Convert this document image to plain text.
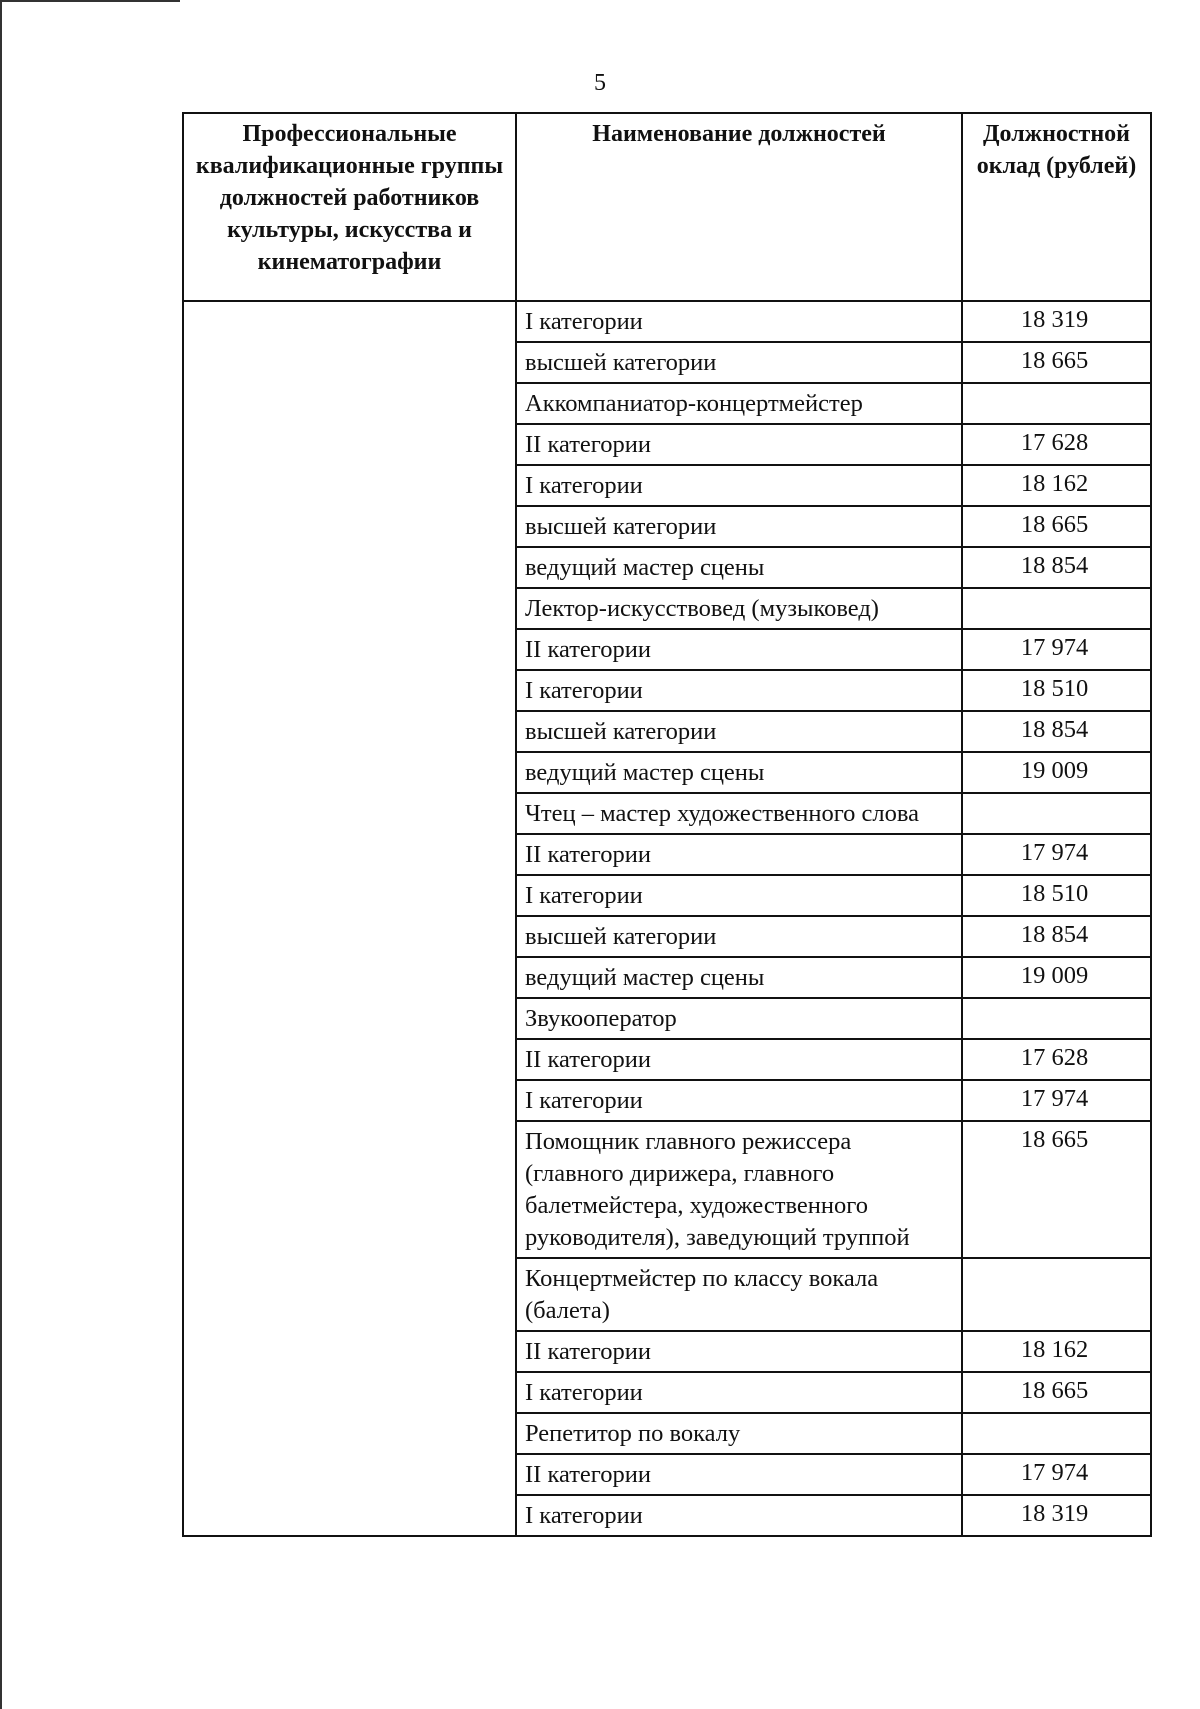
5
Профессиональные квалификационные группы должностей работников культуры, искусства и кинематографии	Наименование должностей	Должностной оклад (рублей)
	I категории	18 319
	высшей категории	18 665
	Аккомпаниатор-концертмейстер	
	II категории	17 628
	I категории	18 162
	высшей категории	18 665
	ведущий мастер сцены	18 854
	Лектор-искусствовед (музыковед)	
	II категории	17 974
	I категории	18 510
	высшей категории	18 854
	ведущий мастер сцены	19 009
	Чтец – мастер художественного слова	
	II категории	17 974
	I категории	18 510
	высшей категории	18 854
	ведущий мастер сцены	19 009
	Звукооператор	
	II категории	17 628
	I категории	17 974
	Помощник главного режиссера (главного дирижера, главного балетмейстера, художественного руководителя), заведующий труппой	18 665
	Концертмейстер по классу вокала (балета)	
	II категории	18 162
	I категории	18 665
	Репетитор по вокалу	
	II категории	17 974
	I категории	18 319
